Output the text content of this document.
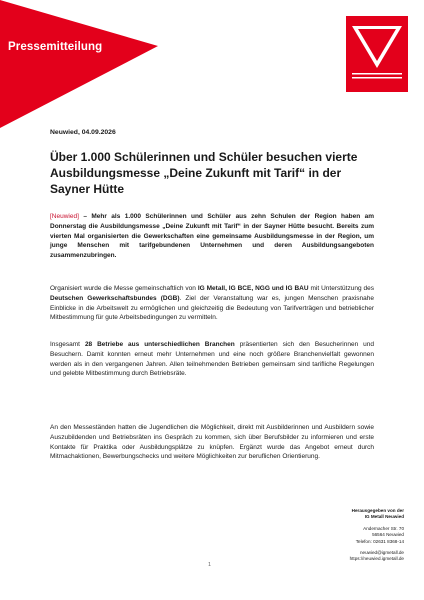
Pressemitteilung
Neuwied, 04.09.2026
Über 1.000 Schülerinnen und Schüler besuchen vierte Ausbildungsmesse „Deine Zukunft mit Tarif“ in der Sayner Hütte
[Neuwied] – Mehr als 1.000 Schülerinnen und Schüler aus zehn Schulen der Region haben am Donnerstag die Ausbildungsmesse „Deine Zukunft mit Tarif“ in der Sayner Hütte besucht. Bereits zum vierten Mal organisierten die Gewerkschaften eine gemeinsame Ausbildungsmesse in der Region, um junge Menschen mit tarifgebundenen Unternehmen und deren Ausbildungsangeboten zusammenzubringen.
Organisiert wurde die Messe gemeinschaftlich von IG Metall, IG BCE, NGG und IG BAU mit Unterstützung des Deutschen Gewerkschaftsbundes (DGB). Ziel der Veranstaltung war es, jungen Menschen praxisnahe Einblicke in die Arbeitswelt zu ermöglichen und gleichzeitig die Bedeutung von Tarifverträgen und betrieblicher Mitbestimmung für gute Arbeitsbedingungen zu vermitteln.
Insgesamt 28 Betriebe aus unterschiedlichen Branchen präsentierten sich den Besucherinnen und Besuchern. Damit konnten erneut mehr Unternehmen und eine noch größere Branchenvielfalt gewonnen werden als in den vergangenen Jahren. Allen teilnehmenden Betrieben gemeinsam sind tarifliche Regelungen und gelebte Mitbestimmung durch Betriebsräte.
An den Messeständen hatten die Jugendlichen die Möglichkeit, direkt mit Ausbilderinnen und Ausbildern sowie Auszubildenden und Betriebsräten ins Gespräch zu kommen, sich über Berufsbilder zu informieren und erste Kontakte für Praktika oder Ausbildungsplätze zu knüpfen. Ergänzt wurde das Angebot erneut durch Mitmachaktionen, Bewerbungschecks und weitere Möglichkeiten zur beruflichen Orientierung.
Herausgegeben von der
IG Metall Neuwied
Andernacher Str. 70
56564 Neuwied
Telefon: 02631 8368-14
neuwied@igmetall.de
https://neuwied.igmetall.de
1
